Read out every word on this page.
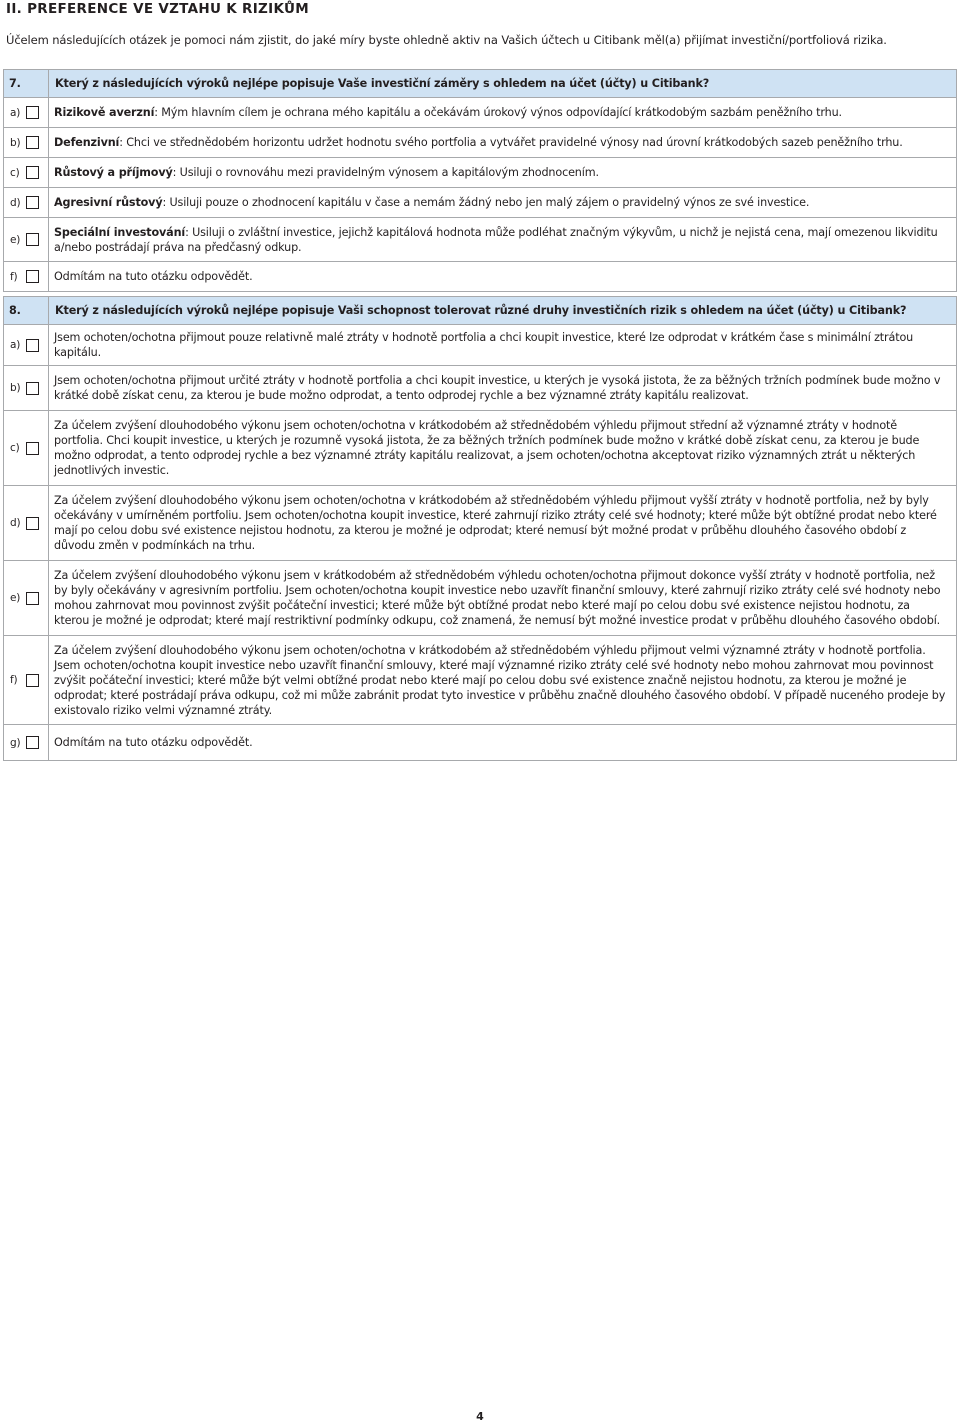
II. PREFERENCE VE VZTAHU K RIZIKŮM
Účelem následujících otázek je pomoci nám zjistit, do jaké míry byste ohledně aktiv na Vašich účtech u Citibank měl(a) přijímat investiční/portfoliová rizika.
7.	Který z následujících výroků nejlépe popisuje Vaše investiční záměry s ohledem na účet (účty) u Citibank?
a)	Rizikově averzní: Mým hlavním cílem je ochrana mého kapitálu a očekávám úrokový výnos odpovídající krátkodobým sazbám peněžního trhu.
b)	Defenzivní: Chci ve střednědobém horizontu udržet hodnotu svého portfolia a vytvářet pravidelné výnosy nad úrovní krátkodobých sazeb peněžního trhu.
c)	Růstový a příjmový: Usiluji o rovnováhu mezi pravidelným výnosem a kapitálovým zhodnocením.
d)	Agresivní růstový: Usiluji pouze o zhodnocení kapitálu v čase a nemám žádný nebo jen malý zájem o pravidelný výnos ze své investice.
e)	Speciální investování: Usiluji o zvláštní investice, jejichž kapitálová hodnota může podléhat značným výkyvům, u nichž je nejistá cena, mají omezenou likviditu a/nebo postrádají práva na předčasný odkup.
f)	Odmítám na tuto otázku odpovědět.
8.	Který z následujících výroků nejlépe popisuje Vaši schopnost tolerovat různé druhy investičních rizik s ohledem na účet (účty) u Citibank?
a)	Jsem ochoten/ochotna přijmout pouze relativně malé ztráty v hodnotě portfolia a chci koupit investice, které lze odprodat v krátkém čase s minimální ztrátou kapitálu.
b)	Jsem ochoten/ochotna přijmout určité ztráty v hodnotě portfolia a chci koupit investice, u kterých je vysoká jistota, že za běžných tržních podmínek bude možno v krátké době získat cenu, za kterou je bude možno odprodat, a tento odprodej rychle a bez významné ztráty kapitálu realizovat.
c)	Za účelem zvýšení dlouhodobého výkonu jsem ochoten/ochotna v krátkodobém až střednědobém výhledu přijmout střední až významné ztráty v hodnotě portfolia. Chci koupit investice, u kterých je rozumně vysoká jistota, že za běžných tržních podmínek bude možno v krátké době získat cenu, za kterou je bude možno odprodat, a tento odprodej rychle a bez významné ztráty kapitálu realizovat, a jsem ochoten/ochotna akceptovat riziko významných ztrát u některých jednotlivých investic.
d)	Za účelem zvýšení dlouhodobého výkonu jsem ochoten/ochotna v krátkodobém až střednědobém výhledu přijmout vyšší ztráty v hodnotě portfolia, než by byly očekávány v umírněném portfoliu. Jsem ochoten/ochotna koupit investice, které zahrnují riziko ztráty celé své hodnoty; které může být obtížné prodat nebo které mají po celou dobu své existence nejistou hodnotu, za kterou je možné je odprodat; které nemusí být možné prodat v průběhu dlouhého časového období z důvodu změn v podmínkách na trhu.
e)	Za účelem zvýšení dlouhodobého výkonu jsem v krátkodobém až střednědobém výhledu ochoten/ochotna přijmout dokonce vyšší ztráty v hodnotě portfolia, než by byly očekávány v agresivním portfoliu. Jsem ochoten/ochotna koupit investice nebo uzavřít finanční smlouvy, které zahrnují riziko ztráty celé své hodnoty nebo mohou zahrnovat mou povinnost zvýšit počáteční investici; které může být obtížné prodat nebo které mají po celou dobu své existence nejistou hodnotu, za kterou je možné je odprodat; které mají restriktivní podmínky odkupu, což znamená, že nemusí být možné investice prodat v průběhu dlouhého časového období.
f)	Za účelem zvýšení dlouhodobého výkonu jsem ochoten/ochotna v krátkodobém až střednědobém výhledu přijmout velmi významné ztráty v hodnotě portfolia. Jsem ochoten/ochotna koupit investice nebo uzavřít finanční smlouvy, které mají významné riziko ztráty celé své hodnoty nebo mohou zahrnovat mou povinnost zvýšit počáteční investici; které může být velmi obtížné prodat nebo které mají po celou dobu své existence značně nejistou hodnotu, za kterou je možné je odprodat; které postrádají práva odkupu, což mi může zabránit prodat tyto investice v průběhu značně dlouhého časového období. V případě nuceného prodeje by existovalo riziko velmi významné ztráty.
g)	Odmítám na tuto otázku odpovědět.
4
